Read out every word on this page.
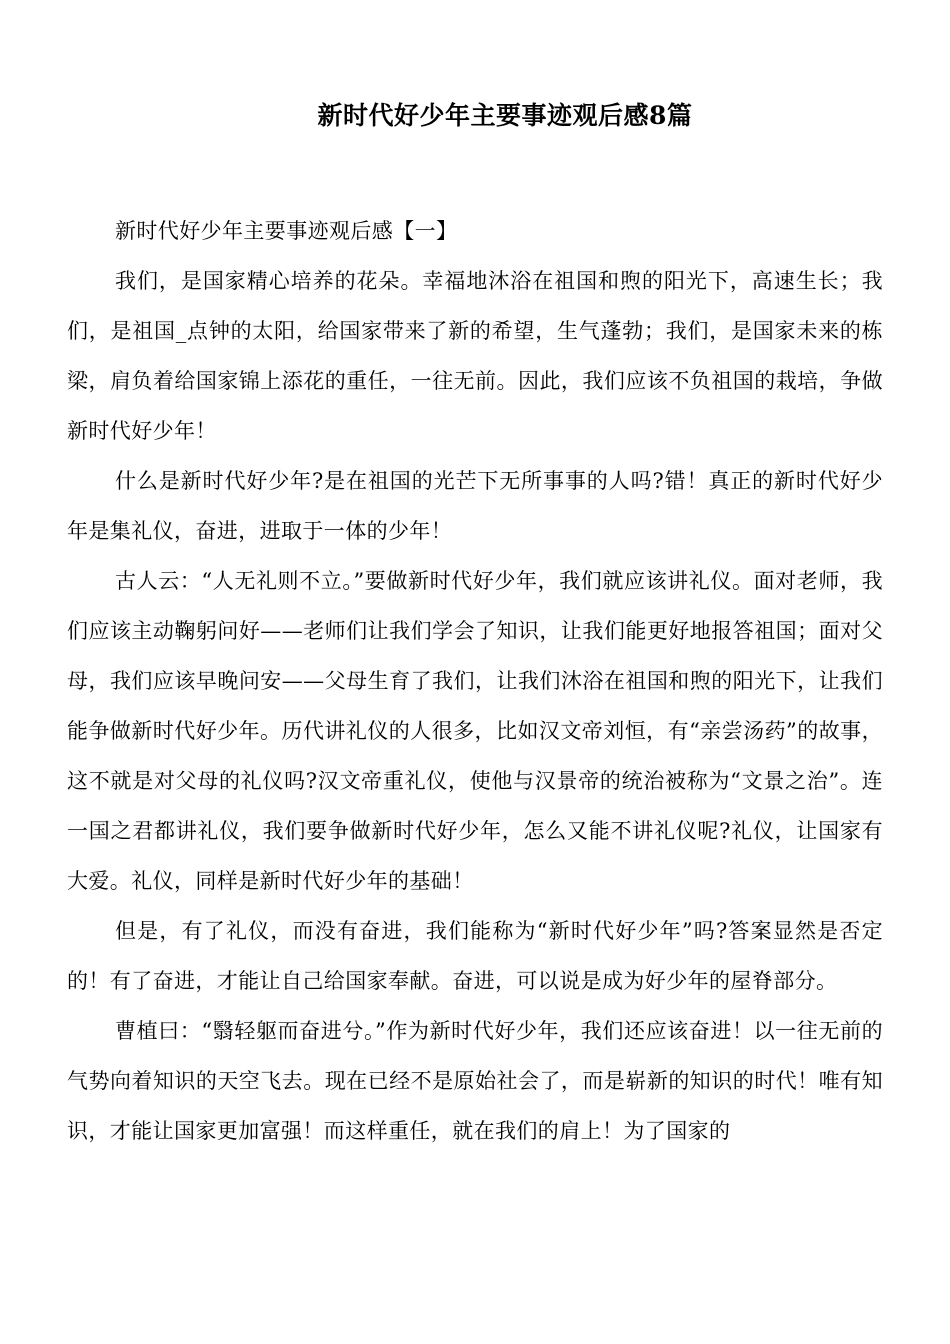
新时代好少年主要事迹观后感8篇

新时代好少年主要事迹观后感【一】

我们，是国家精心培养的花朵。幸福地沐浴在祖国和煦的阳光下，高速生长；我们，是祖国_点钟的太阳，给国家带来了新的希望，生气蓬勃；我们，是国家未来的栋梁，肩负着给国家锦上添花的重任，一往无前。因此，我们应该不负祖国的栽培，争做新时代好少年！

什么是新时代好少年?是在祖国的光芒下无所事事的人吗?错！真正的新时代好少年是集礼仪，奋进，进取于一体的少年！

古人云：“人无礼则不立。”要做新时代好少年，我们就应该讲礼仪。面对老师，我们应该主动鞠躬问好——老师们让我们学会了知识，让我们能更好地报答祖国；面对父母，我们应该早晚问安——父母生育了我们，让我们沐浴在祖国和煦的阳光下，让我们能争做新时代好少年。历代讲礼仪的人很多，比如汉文帝刘恒，有“亲尝汤药”的故事，这不就是对父母的礼仪吗?汉文帝重礼仪，使他与汉景帝的统治被称为“文景之治”。连一国之君都讲礼仪，我们要争做新时代好少年，怎么又能不讲礼仪呢?礼仪，让国家有大爱。礼仪，同样是新时代好少年的基础！

但是，有了礼仪，而没有奋进，我们能称为“新时代好少年”吗?答案显然是否定的！有了奋进，才能让自己给国家奉献。奋进，可以说是成为好少年的屋脊部分。

曹植曰：“翳轻躯而奋进兮。”作为新时代好少年，我们还应该奋进！以一往无前的气势向着知识的天空飞去。现在已经不是原始社会了，而是崭新的知识的时代！唯有知识，才能让国家更加富强！而这样重任，就在我们的肩上！为了国家的
